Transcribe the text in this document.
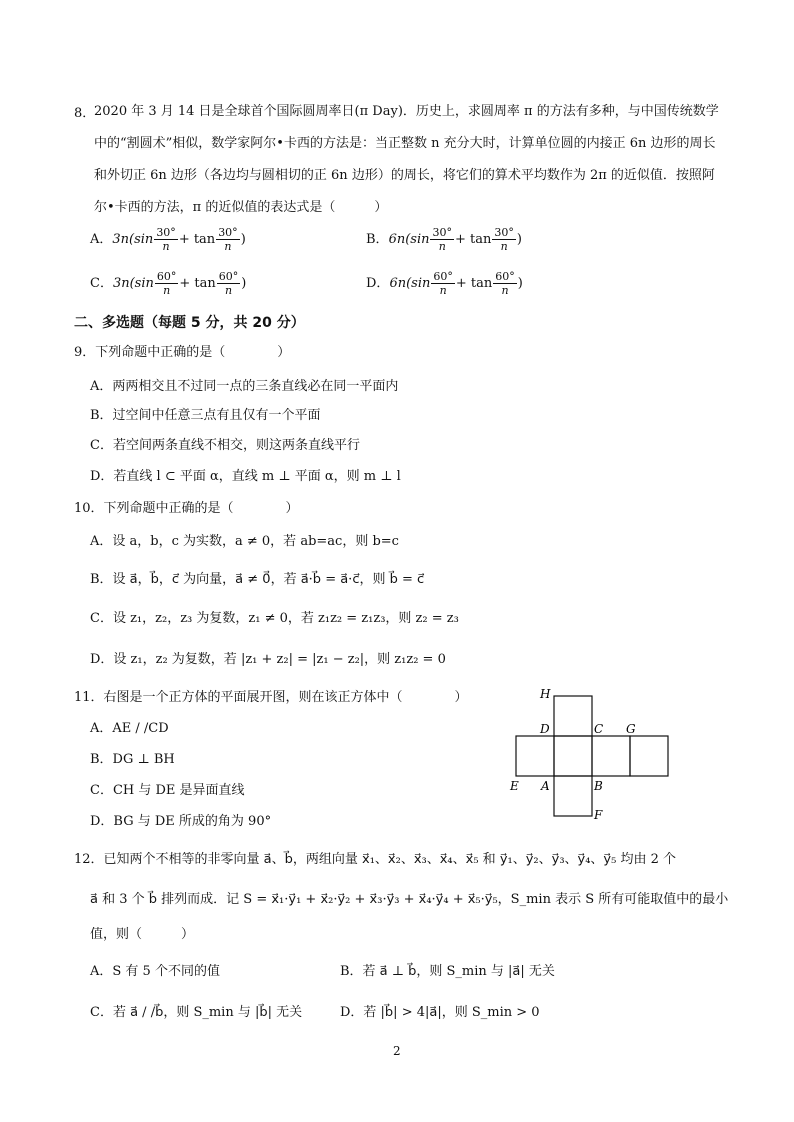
8．
2020 年 3 月 14 日是全球首个国际圆周率日(π Day)．历史上，求圆周率 π 的方法有多种，与中国传统数学中的“割圆术”相似，数学家阿尔•卡西的方法是：当正整数 n 充分大时，计算单位圆的内接正 6n 边形的周长和外切正 6n 边形（各边均与圆相切的正 6n 边形）的周长，将它们的算术平均数作为 2π 的近似值．按照阿尔•卡西的方法，π 的近似值的表达式是（　　　）
A．$3n(\sin \frac{30^\circ}{n} + \tan \frac{30^\circ}{n}$ )	B．$6n(\sin \frac{30^\circ}{n} + \tan \frac{30^\circ}{n}$ )
C．$3n(\sin \frac{60^\circ}{n} + \tan \frac{60^\circ}{n}$ )	D．$6n(\sin \frac{60^\circ}{n} + \tan \frac{60^\circ}{n}$ )
二、多选题（每题 5 分，共 20 分）
9．下列命题中正确的是（　　　　）
A．两两相交且不过同一点的三条直线必在同一平面内
B．过空间中任意三点有且仅有一个平面
C．若空间两条直线不相交，则这两条直线平行
D．若直线 l ⊂ 平面 α，直线 m ⊥ 平面 α，则 m ⊥ l
10．下列命题中正确的是（　　　　）
A．设 a，b，c 为实数，a ≠ 0，若 ab=ac，则 b=c
B．设 a⃗，b⃗，c⃗ 为向量，a⃗ ≠ 0⃗，若 a⃗·b⃗ = a⃗·c⃗，则 b⃗ = c⃗
C．设 z₁，z₂，z₃ 为复数，z₁ ≠ 0，若 z₁z₂ = z₁z₃，则 z₂ = z₃
D．设 z₁，z₂ 为复数，若 |z₁ + z₂| = |z₁ − z₂|，则 z₁z₂ = 0
11．右图是一个正方体的平面展开图，则在该正方体中（　　　　）
A．AE / /CD
B．DG ⊥ BH
C．CH 与 DE 是异面直线
D．BG 与 DE 所成的角为 90°
H
D	C G
E A	B
F
12．已知两个不相等的非零向量 a⃗、b⃗，两组向量 x⃗₁、x⃗₂、x⃗₃、x⃗₄、x⃗₅ 和 y⃗₁、y⃗₂、y⃗₃、y⃗₄、y⃗₅ 均由 2 个
a⃗ 和 3 个 b⃗ 排列而成．记 S = x⃗₁·y⃗₁ + x⃗₂·y⃗₂ + x⃗₃·y⃗₃ + x⃗₄·y⃗₄ + x⃗₅·y⃗₅，S_min 表示 S 所有可能取值中的最小
值，则（　　　）
A．S 有 5 个不同的值	B．若 a⃗ ⊥ b⃗，则 S_min 与 |a⃗| 无关
C．若 a⃗ / /b⃗，则 S_min 与 |b⃗| 无关	D．若 |b⃗| > 4|a⃗|，则 S_min > 0
2
